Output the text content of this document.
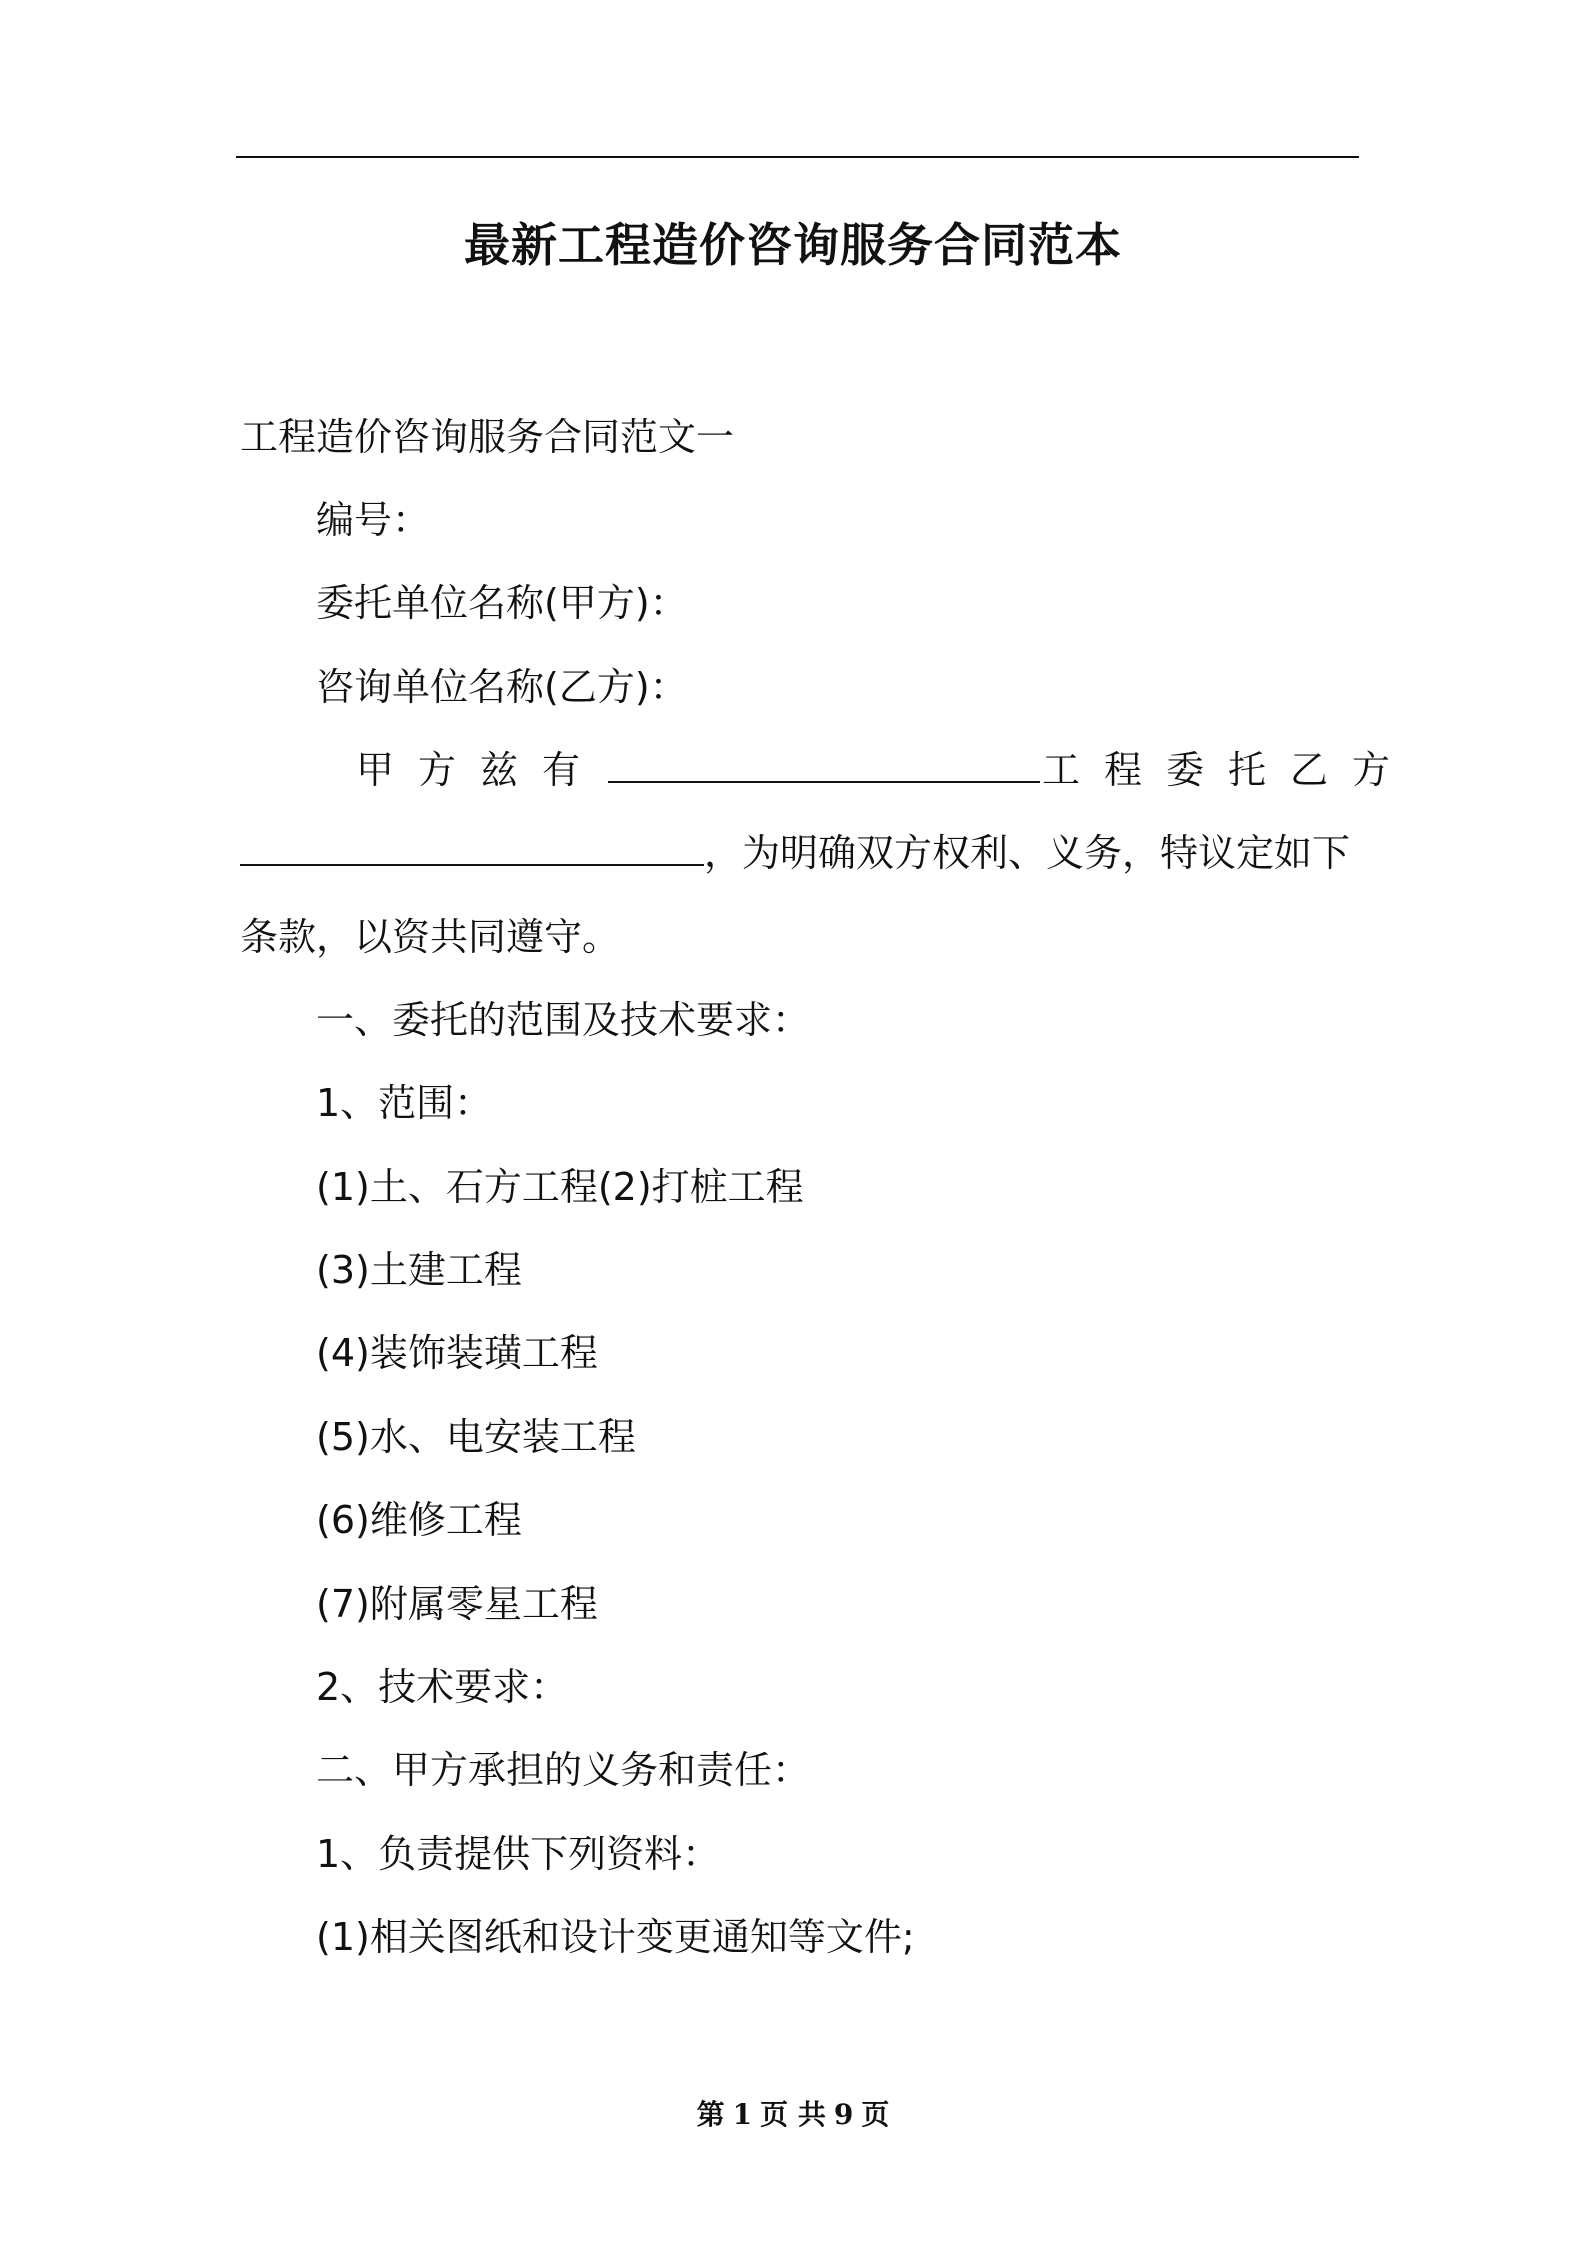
最新工程造价咨询服务合同范本
工程造价咨询服务合同范文一
编号：
委托单位名称(甲方)：
咨询单位名称(乙方)：
甲方兹有	工程委托乙方
，为明确双方权利、义务，特议定如下
条款，以资共同遵守。
一、委托的范围及技术要求：
1、范围：
(1)土、石方工程(2)打桩工程
(3)土建工程
(4)装饰装璜工程
(5)水、电安装工程
(6)维修工程
(7)附属零星工程
2、技术要求：
二、甲方承担的义务和责任：
1、负责提供下列资料：
(1)相关图纸和设计变更通知等文件;
第 1 页 共 9 页
